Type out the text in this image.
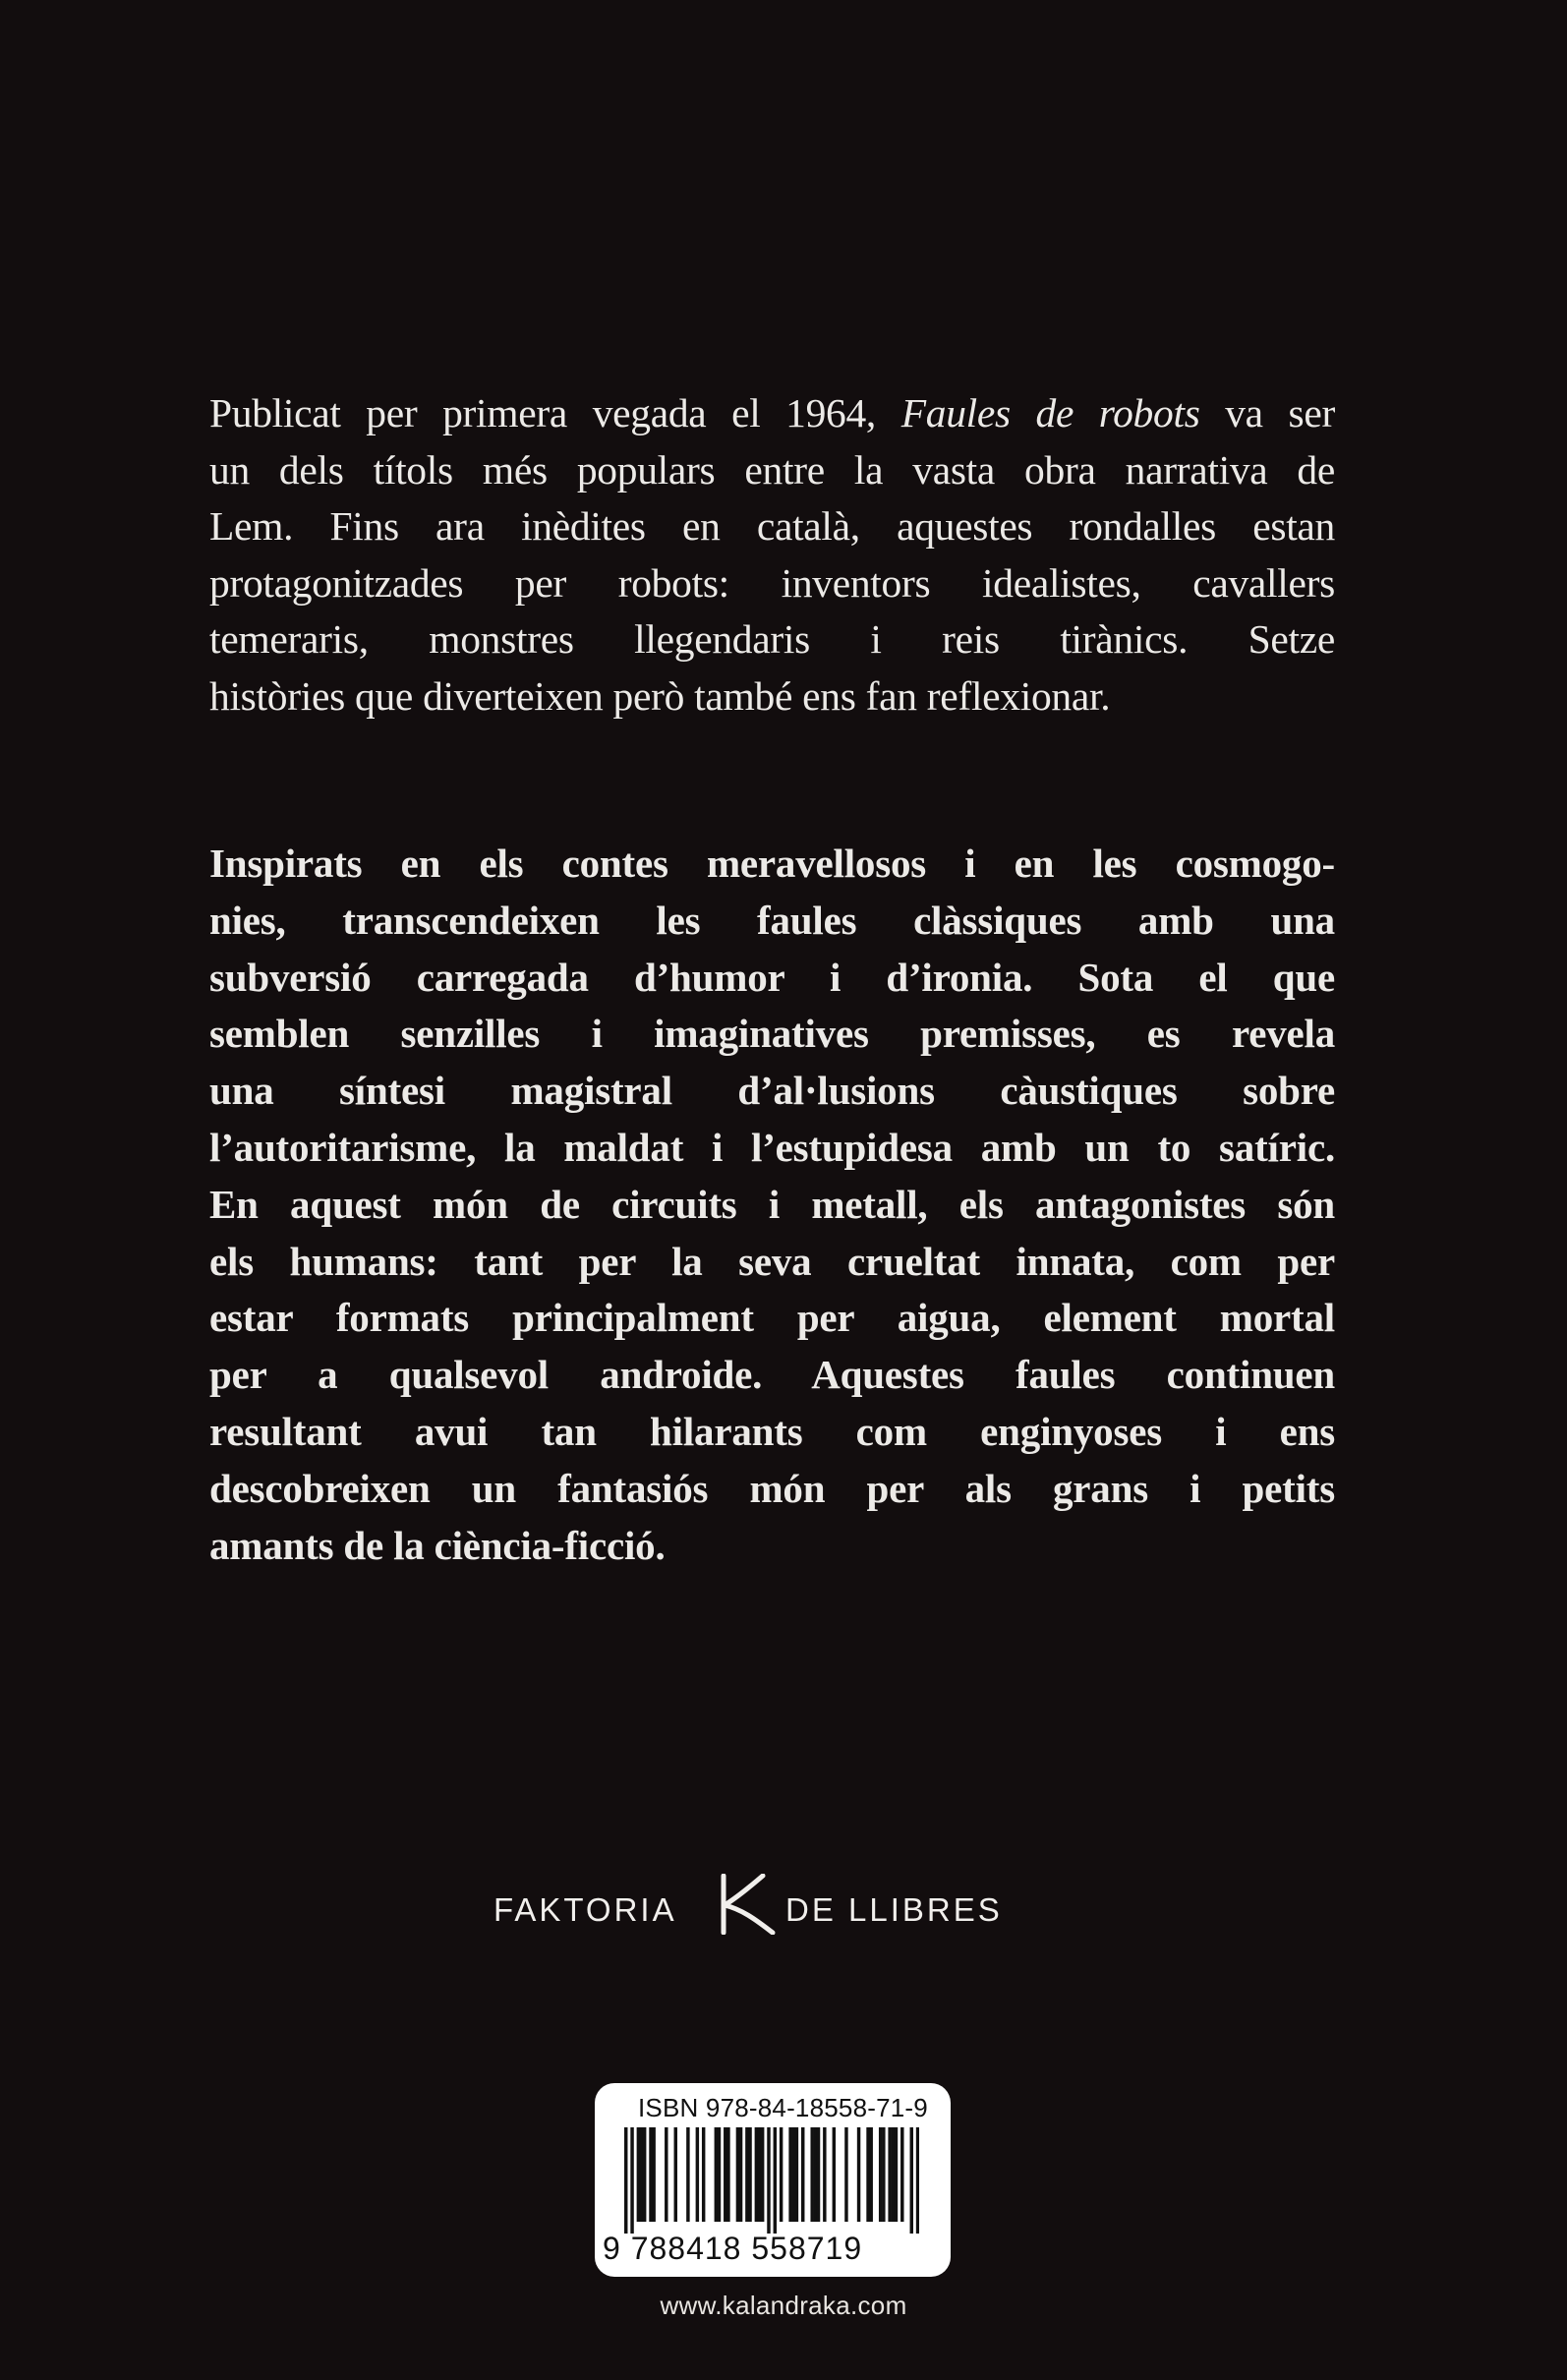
Publicat per primera vegada el 1964, Faules de robots va ser
un dels títols més populars entre la vasta obra narrativa de
Lem. Fins ara inèdites en català, aquestes rondalles estan
protagonitzades per robots: inventors idealistes, cavallers
temeraris, monstres llegendaris i reis tirànics. Setze
històries que diverteixen però també ens fan reflexionar.
Inspirats en els contes meravellosos i en les cosmogo-
nies, transcendeixen les faules clàssiques amb una
subversió carregada d’humor i d’ironia. Sota el que
semblen senzilles i imaginatives premisses, es revela
una síntesi magistral d’al·lusions càustiques sobre
l’autoritarisme, la maldat i l’estupidesa amb un to satíric.
En aquest món de circuits i metall, els antagonistes són
els humans: tant per la seva crueltat innata, com per
estar formats principalment per aigua, element mortal
per a qualsevol androide. Aquestes faules continuen
resultant avui tan hilarants com enginyoses i ens
descobreixen un fantasiós món per als grans i petits
amants de la ciència-ficció.
FAKTORIA	DE LLIBRES
ISBN 978-84-18558-71-9
9 788418 558719
www.kalandraka.com
